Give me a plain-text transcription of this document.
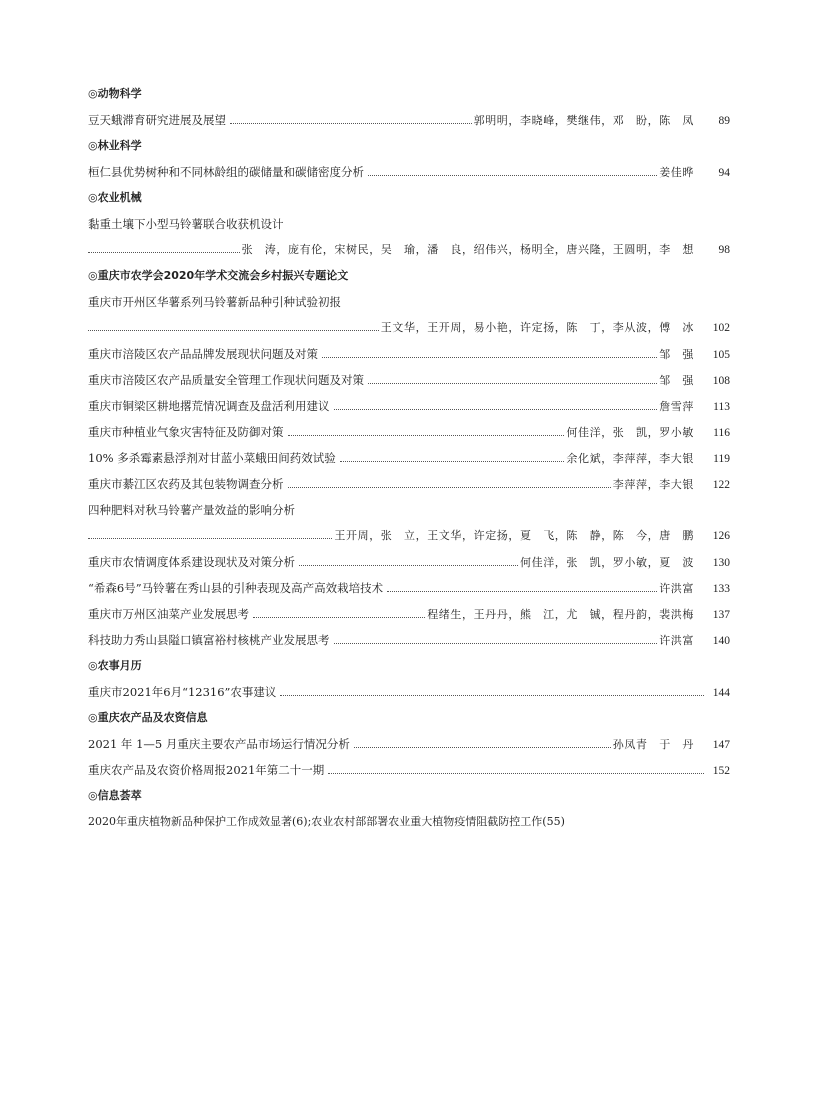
◎动物科学
豆天蛾滞育研究进展及展望	郭明明，李晓峰，樊继伟，邓　盼，陈　凤	89
◎林业科学
桓仁县优势树种和不同林龄组的碳储量和碳储密度分析	姜佳晔	94
◎农业机械
黏重土壤下小型马铃薯联合收获机设计
张　涛，庞有伦，宋树民，吴　瑜，潘　良，绍伟兴，杨明全，唐兴隆，王圆明，李　想	98
◎重庆市农学会2020年学术交流会乡村振兴专题论文
重庆市开州区华薯系列马铃薯新品种引种试验初报
王文华，王开周，易小艳，许定扬，陈　丁，李从波，傅　冰	102
重庆市涪陵区农产品品牌发展现状问题及对策	邹　强	105
重庆市涪陵区农产品质量安全管理工作现状问题及对策	邹　强	108
重庆市铜梁区耕地撂荒情况调查及盘活利用建议	詹雪萍	113
重庆市种植业气象灾害特征及防御对策	何佳洋，张　凯，罗小敏	116
10% 多杀霉素悬浮剂对甘蓝小菜蛾田间药效试验	余化斌，李萍萍，李大银	119
重庆市綦江区农药及其包装物调查分析	李萍萍，李大银	122
四种肥料对秋马铃薯产量效益的影响分析
王开周，张　立，王文华，许定扬，夏　飞，陈　静，陈　今，唐　鹏	126
重庆市农情调度体系建设现状及对策分析	何佳洋，张　凯，罗小敏，夏　波	130
“希森6号”马铃薯在秀山县的引种表现及高产高效栽培技术	许洪富	133
重庆市万州区油菜产业发展思考	程绪生，王丹丹，熊　江，尤　铖，程丹韵，裴洪梅	137
科技助力秀山县隘口镇富裕村核桃产业发展思考	许洪富	140
◎农事月历
重庆市2021年6月“12316”农事建议	144
◎重庆农产品及农资信息
2021 年 1—5 月重庆主要农产品市场运行情况分析	孙凤青　于　丹	147
重庆农产品及农资价格周报2021年第二十一期	152
◎信息荟萃
2020年重庆植物新品种保护工作成效显著(6);农业农村部部署农业重大植物疫情阻截防控工作(55)
